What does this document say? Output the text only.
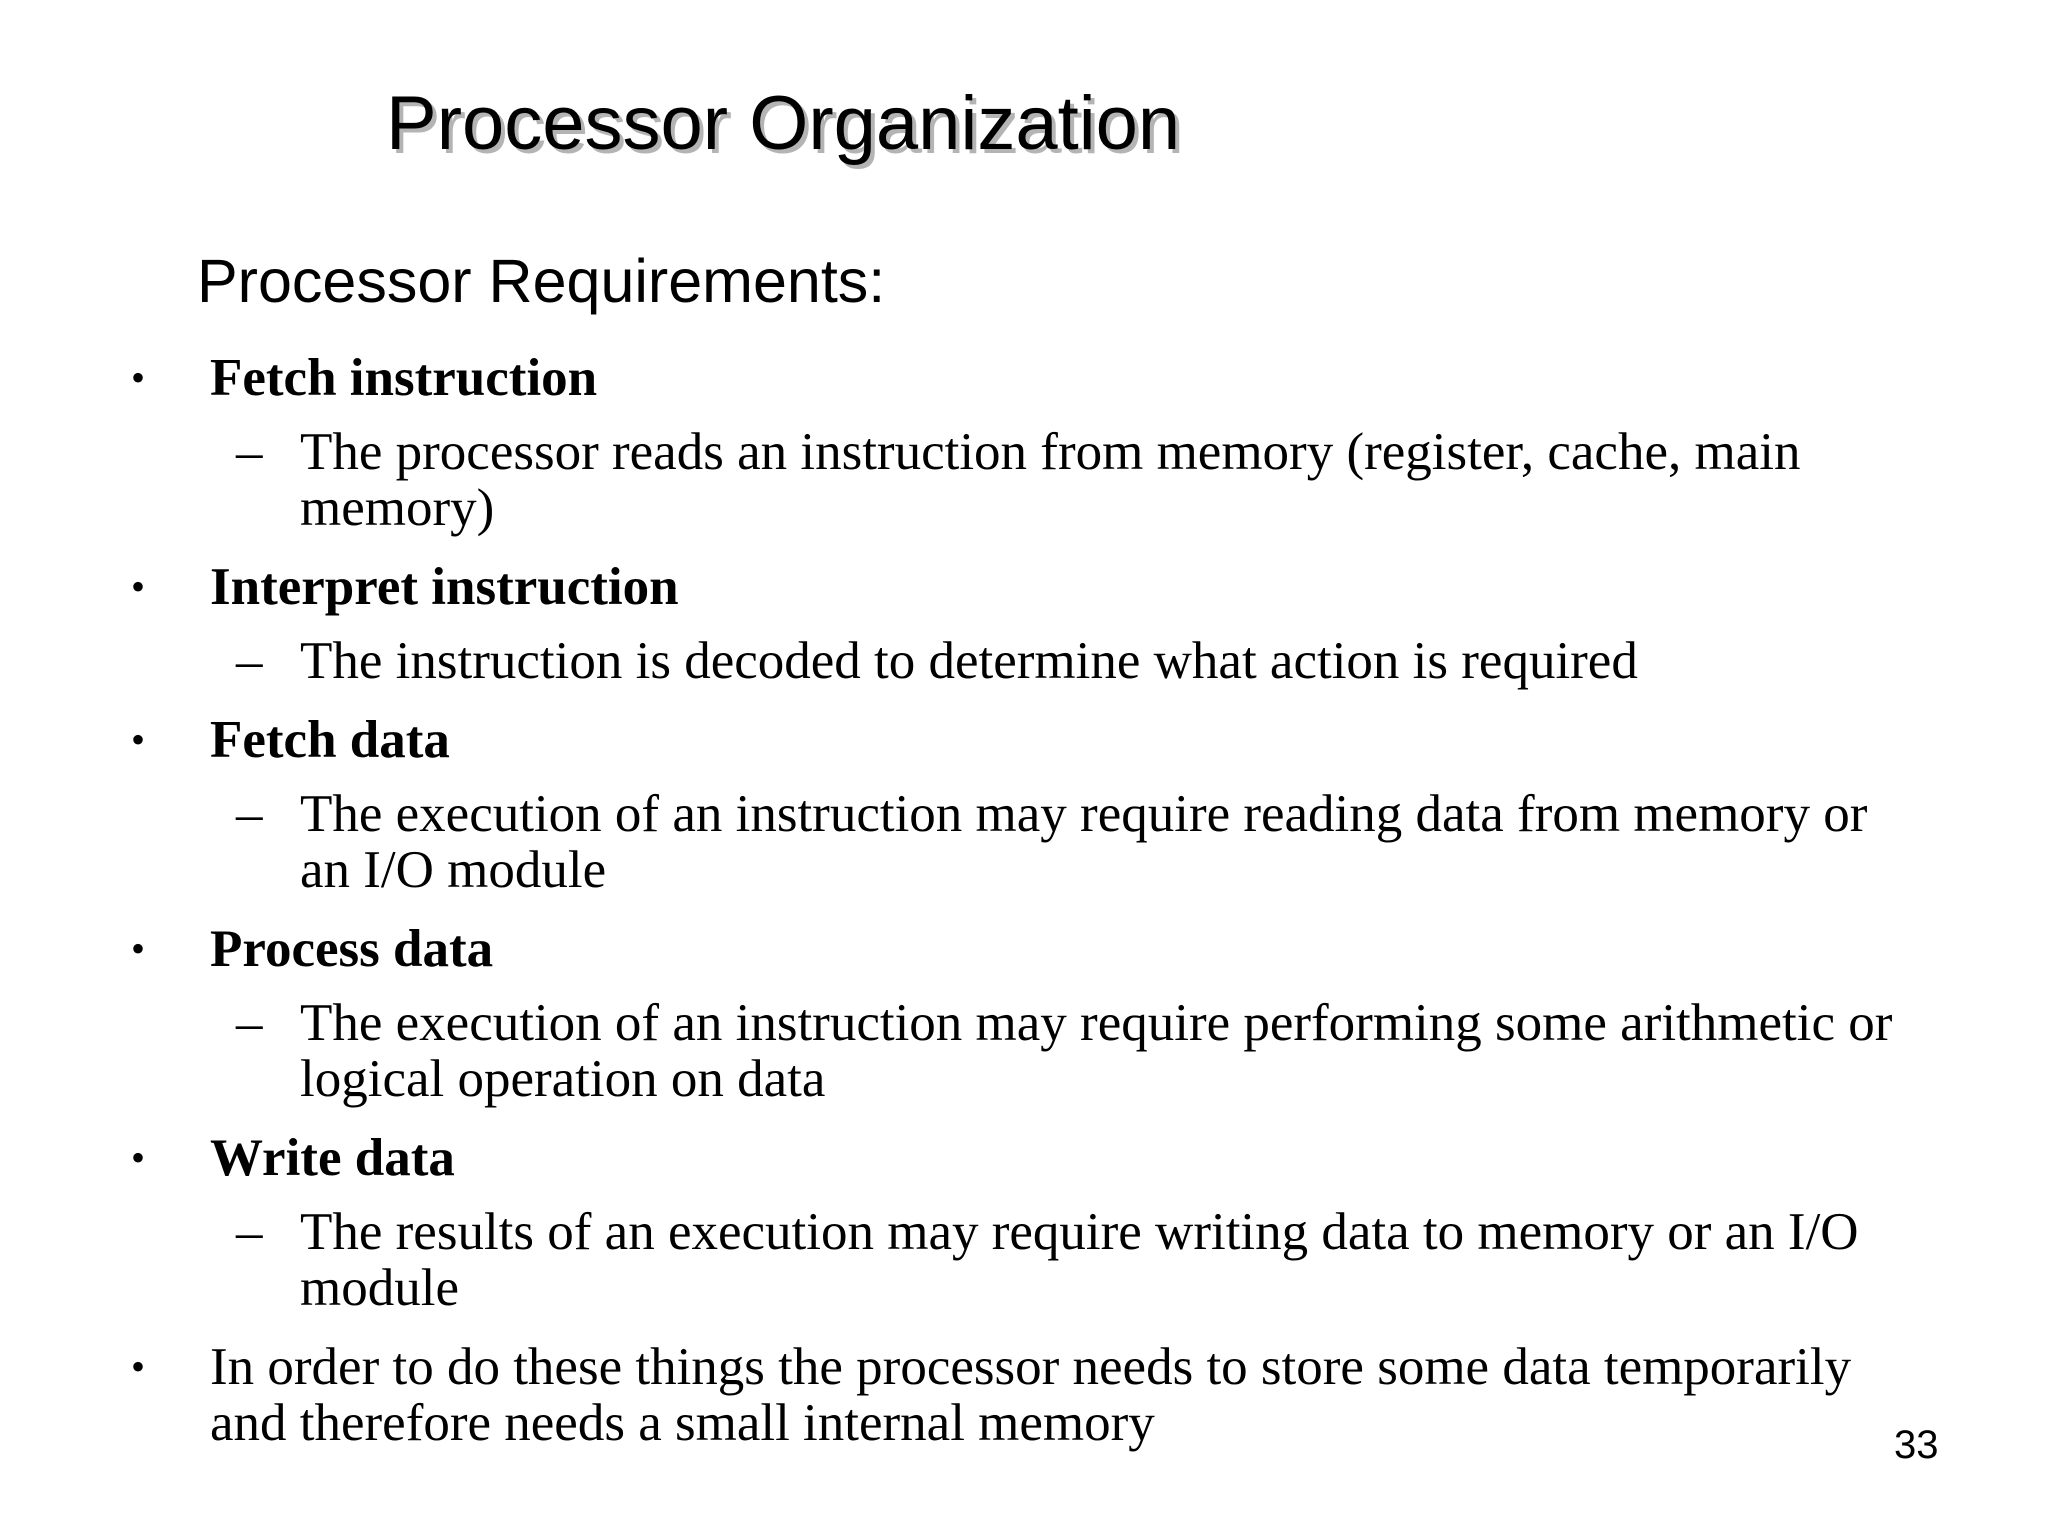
Processor Organization
Processor Requirements:
• Fetch instruction
– The processor reads an instruction from memory (register, cache, main
memory)
• Interpret instruction
– The instruction is decoded to determine what action is required
• Fetch data
– The execution of an instruction may require reading data from memory or
an I/O module
• Process data
– The execution of an instruction may require performing some arithmetic or
logical operation on data
• Write data
– The results of an execution may require writing data to memory or an I/O
module
• In order to do these things the processor needs to store some data temporarily
and therefore needs a small internal memory	33
